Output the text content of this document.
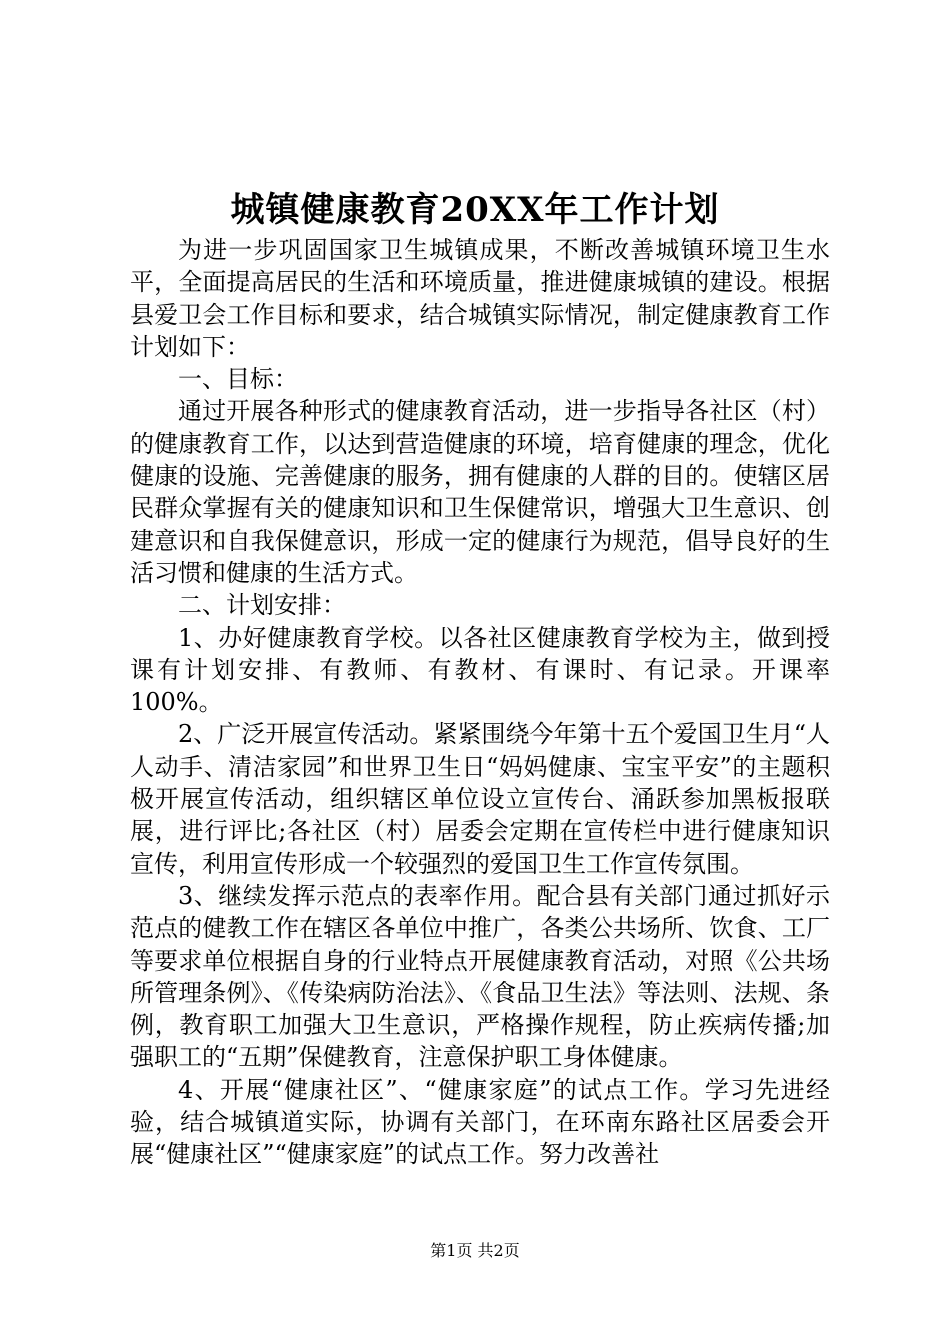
城镇健康教育20XX年工作计划

为进一步巩固国家卫生城镇成果，不断改善城镇环境卫生水平，全面提高居民的生活和环境质量，推进健康城镇的建设。根据县爱卫会工作目标和要求，结合城镇实际情况，制定健康教育工作计划如下：

一、目标：

通过开展各种形式的健康教育活动，进一步指导各社区（村）的健康教育工作，以达到营造健康的环境，培育健康的理念，优化健康的设施、完善健康的服务，拥有健康的人群的目的。使辖区居民群众掌握有关的健康知识和卫生保健常识，增强大卫生意识、创建意识和自我保健意识，形成一定的健康行为规范，倡导良好的生活习惯和健康的生活方式。

二、计划安排：

1、办好健康教育学校。以各社区健康教育学校为主，做到授课有计划安排、有教师、有教材、有课时、有记录。开课率100%。

2、广泛开展宣传活动。紧紧围绕今年第十五个爱国卫生月“人人动手、清洁家园”和世界卫生日“妈妈健康、宝宝平安”的主题积极开展宣传活动，组织辖区单位设立宣传台、涌跃参加黑板报联展，进行评比;各社区（村）居委会定期在宣传栏中进行健康知识宣传，利用宣传形成一个较强烈的爱国卫生工作宣传氛围。

3、继续发挥示范点的表率作用。配合县有关部门通过抓好示范点的健教工作在辖区各单位中推广，各类公共场所、饮食、工厂等要求单位根据自身的行业特点开展健康教育活动，对照《公共场所管理条例》、《传染病防治法》、《食品卫生法》等法则、法规、条例，教育职工加强大卫生意识，严格操作规程，防止疾病传播;加强职工的“五期”保健教育，注意保护职工身体健康。

4、开展“健康社区”、“健康家庭”的试点工作。学习先进经验，结合城镇道实际，协调有关部门，在环南东路社区居委会开展“健康社区”“健康家庭”的试点工作。努力改善社

第1页 共2页
